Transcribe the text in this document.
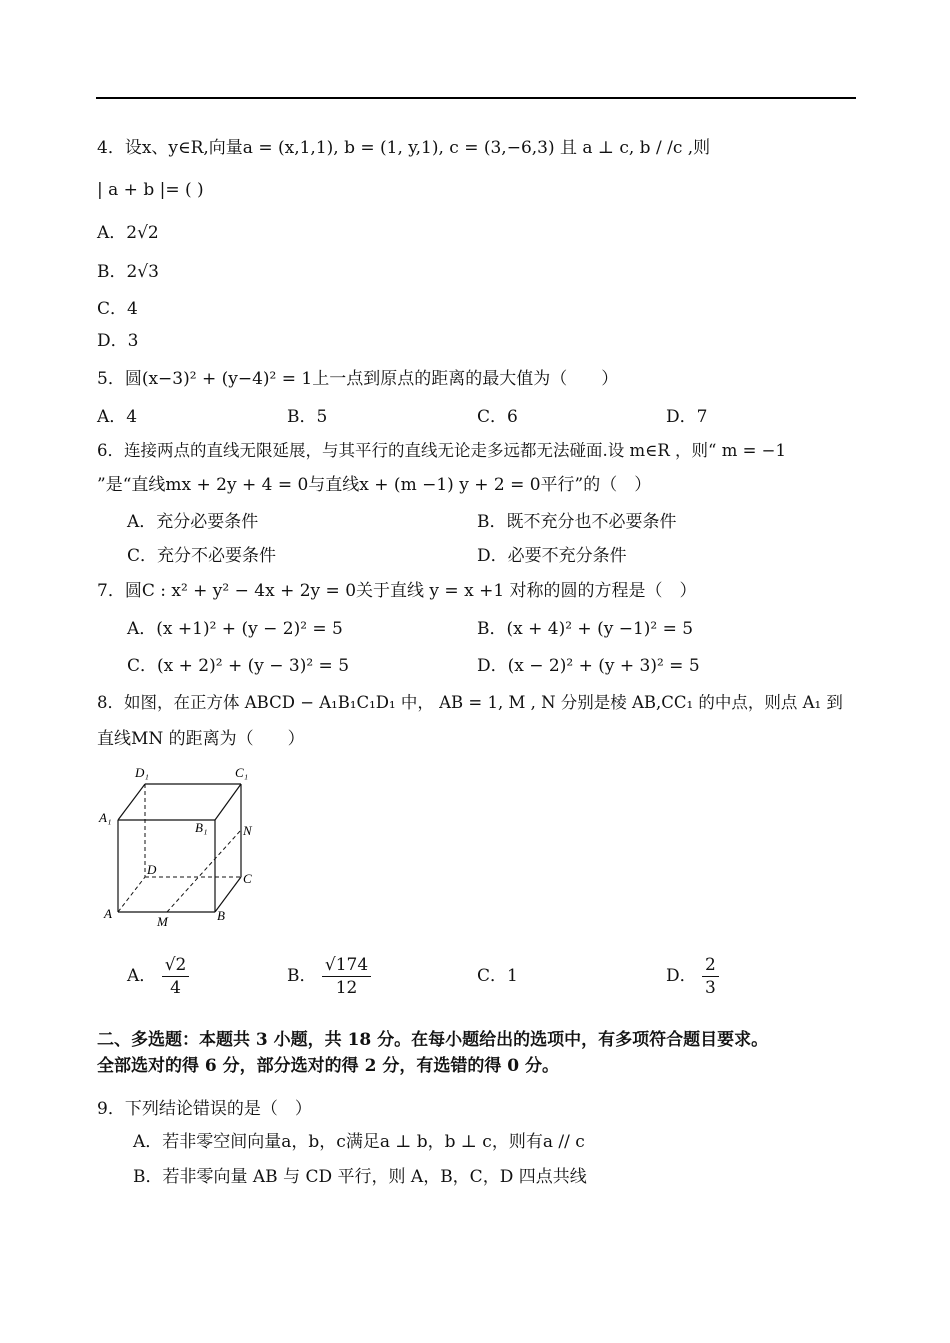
4．设x、y∈R,向量a = (x,1,1), b = (1, y,1), c = (3,−6,3) 且 a ⊥ c, b / /c ,则
| a + b |= ( )
A．2√2
B．2√3
C．4
D．3
5．圆(x−3)² + (y−4)² = 1上一点到原点的距离的最大值为（　　）
A．4	B．5	C．6	D．7
6．连接两点的直线无限延展，与其平行的直线无论走多远都无法碰面.设 m∈R ，则“ m = −1
”是“直线mx + 2y + 4 = 0与直线x + (m −1) y + 2 = 0平行”的（　）
A．充分必要条件	B．既不充分也不必要条件
C．充分不必要条件	D．必要不充分条件
7．圆C : x² + y² − 4x + 2y = 0关于直线 y = x +1 对称的圆的方程是（　）
A．(x +1)² + (y − 2)² = 5	B．(x + 4)² + (y −1)² = 5
C．(x + 2)² + (y − 3)² = 5	D．(x − 2)² + (y + 3)² = 5
8．如图，在正方体 ABCD − A₁B₁C₁D₁ 中， AB = 1, M , N 分别是棱 AB,CC₁ 的中点，则点 A₁ 到
直线MN 的距离为（　　）
D₁	C₁
A₁
B₁	N
D
C
A
M	B
A． $\frac{√2}{4}$	B． $\frac{√174}{12}$	C．1	D． $\frac{2}{3}$
二、多选题：本题共 3 小题，共 18 分。在每小题给出的选项中，有多项符合题目要求。
全部选对的得 6 分，部分选对的得 2 分，有选错的得 0 分。
9．下列结论错误的是（　）
A．若非零空间向量a，b，c满足a ⊥ b，b ⊥ c，则有a // c
B．若非零向量 AB 与 CD 平行，则 A，B，C，D 四点共线
